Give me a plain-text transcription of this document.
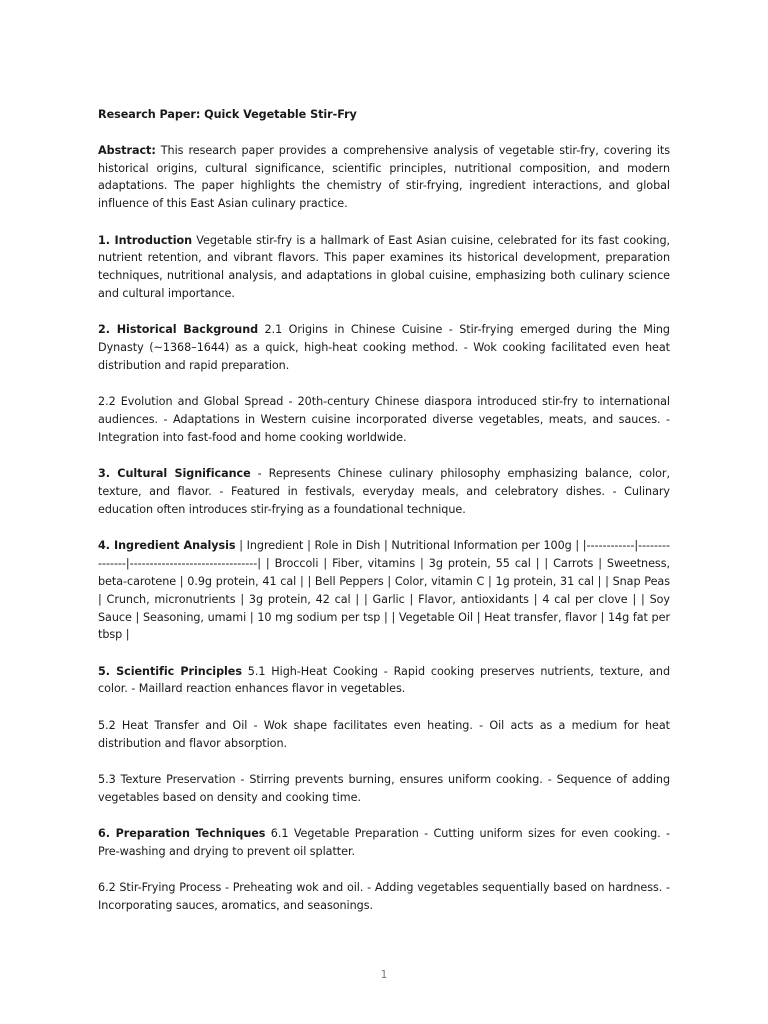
Research Paper: Quick Vegetable Stir-Fry

Abstract: This research paper provides a comprehensive analysis of vegetable stir-fry, covering its historical origins, cultural significance, scientific principles, nutritional composition, and modern adaptations. The paper highlights the chemistry of stir-frying, ingredient interactions, and global influence of this East Asian culinary practice.

1. Introduction Vegetable stir-fry is a hallmark of East Asian cuisine, celebrated for its fast cooking, nutrient retention, and vibrant flavors. This paper examines its historical development, preparation techniques, nutritional analysis, and adaptations in global cuisine, emphasizing both culinary science and cultural importance.

2. Historical Background 2.1 Origins in Chinese Cuisine - Stir-frying emerged during the Ming Dynasty (~1368–1644) as a quick, high-heat cooking method. - Wok cooking facilitated even heat distribution and rapid preparation.

2.2 Evolution and Global Spread - 20th-century Chinese diaspora introduced stir-fry to international audiences. - Adaptations in Western cuisine incorporated diverse vegetables, meats, and sauces. - Integration into fast-food and home cooking worldwide.

3. Cultural Significance - Represents Chinese culinary philosophy emphasizing balance, color, texture, and flavor. - Featured in festivals, everyday meals, and celebratory dishes. - Culinary education often introduces stir-frying as a foundational technique.

4. Ingredient Analysis | Ingredient | Role in Dish | Nutritional Information per 100g | |------------|---------------|--------------------------------| | Broccoli | Fiber, vitamins | 3g protein, 55 cal | | Carrots | Sweetness, beta-carotene | 0.9g protein, 41 cal | | Bell Peppers | Color, vitamin C | 1g protein, 31 cal | | Snap Peas | Crunch, micronutrients | 3g protein, 42 cal | | Garlic | Flavor, antioxidants | 4 cal per clove | | Soy Sauce | Seasoning, umami | 10 mg sodium per tsp | | Vegetable Oil | Heat transfer, flavor | 14g fat per tbsp |

5. Scientific Principles 5.1 High-Heat Cooking - Rapid cooking preserves nutrients, texture, and color. - Maillard reaction enhances flavor in vegetables.

5.2 Heat Transfer and Oil - Wok shape facilitates even heating. - Oil acts as a medium for heat distribution and flavor absorption.

5.3 Texture Preservation - Stirring prevents burning, ensures uniform cooking. - Sequence of adding vegetables based on density and cooking time.

6. Preparation Techniques 6.1 Vegetable Preparation - Cutting uniform sizes for even cooking. - Pre-washing and drying to prevent oil splatter.

6.2 Stir-Frying Process - Preheating wok and oil. - Adding vegetables sequentially based on hardness. - Incorporating sauces, aromatics, and seasonings.

1
